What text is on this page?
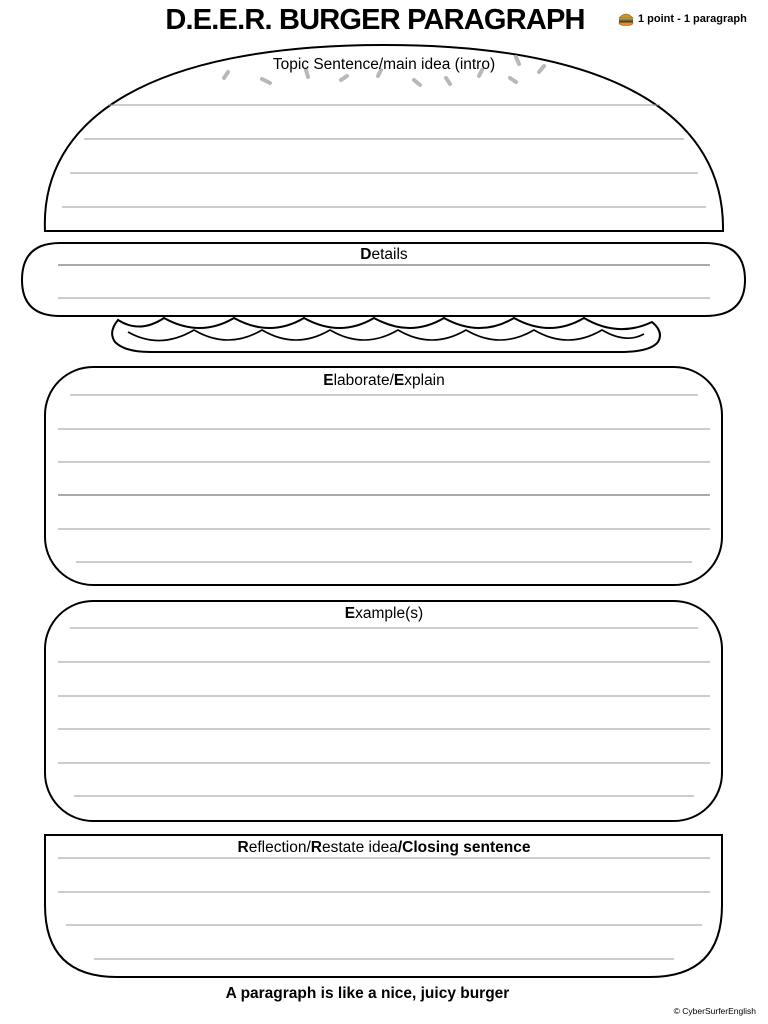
D.E.E.R. BURGER PARAGRAPH	1 point - 1 paragraph
Topic Sentence/main idea (intro)
Details
Elaborate/Explain
Example(s)
Reflection/Restate idea/Closing sentence
A paragraph is like a nice, juicy burger
© CyberSurferEnglish
